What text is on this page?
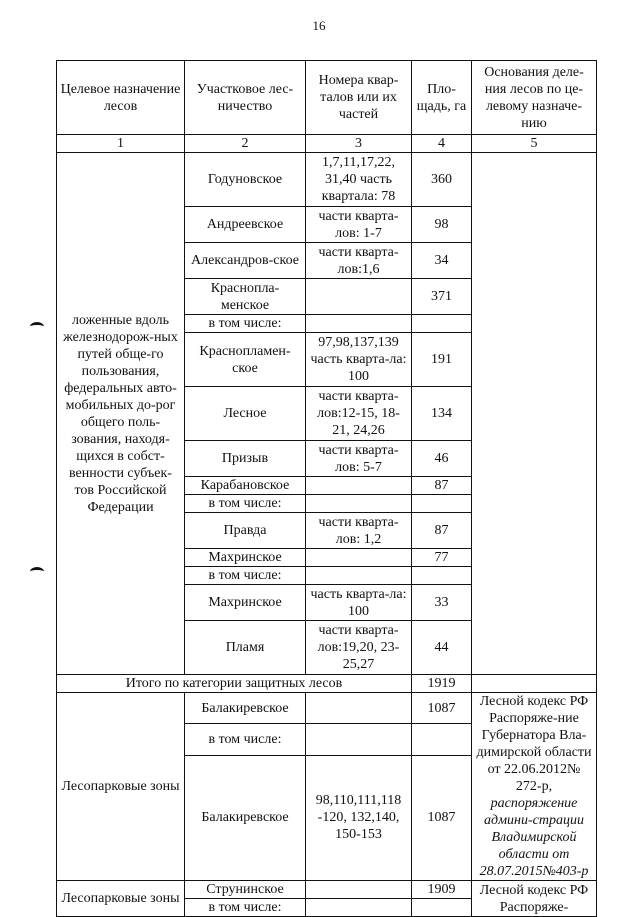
16
Целевое назначение лесов	Участковое лес-ничество	Номера квар-талов или их частей	Пло-щадь, га	Основания деле-ния лесов по це-левому назначе-нию
1	2	3	4	5
ложенные вдоль железнодорож-ных путей обще-го пользования, федеральных авто-мобильных до-рог общего поль-зования, находя-щихся в собст-венности субъек-тов Российской Федерации	Годуновское	1,7,11,17,22, 31,40 часть квартала: 78	360	
	Андреевское	части кварта-лов: 1-7	98	
	Александров-ское	части кварта-лов:1,6	34	
	Краснопла-менское		371	
	в том числе:			
	Краснопламен-ское	97,98,137,139 часть кварта-ла: 100	191	
	Лесное	части кварта-лов:12-15, 18-21, 24,26	134	
	Призыв	части кварта-лов: 5-7	46	
	Карабановское		87	
	в том числе:			
	Правда	части кварта-лов: 1,2	87	
	Махринское		77	
	в том числе:			
	Махринское	часть кварта-ла: 100	33	
	Пламя	части кварта-лов:19,20, 23-25,27	44	
Итого по категории защитных лесов			1919	
Лесопарковые зоны	Балакиревское		1087	Лесной кодекс РФ Распоряже-ние Губернатора Вла-димирской области от 22.06.2012№ 272-р,
распоряжение админи-страции Владимирской области от 28.07.2015№403-р

	в том числе:			
	Балакиревское	98,110,111,118 -120, 132,140, 150-153	1087	
Лесопарковые зоны	Струнинское		1909	Лесной кодекс РФ Распоряже-
	в том числе:			
